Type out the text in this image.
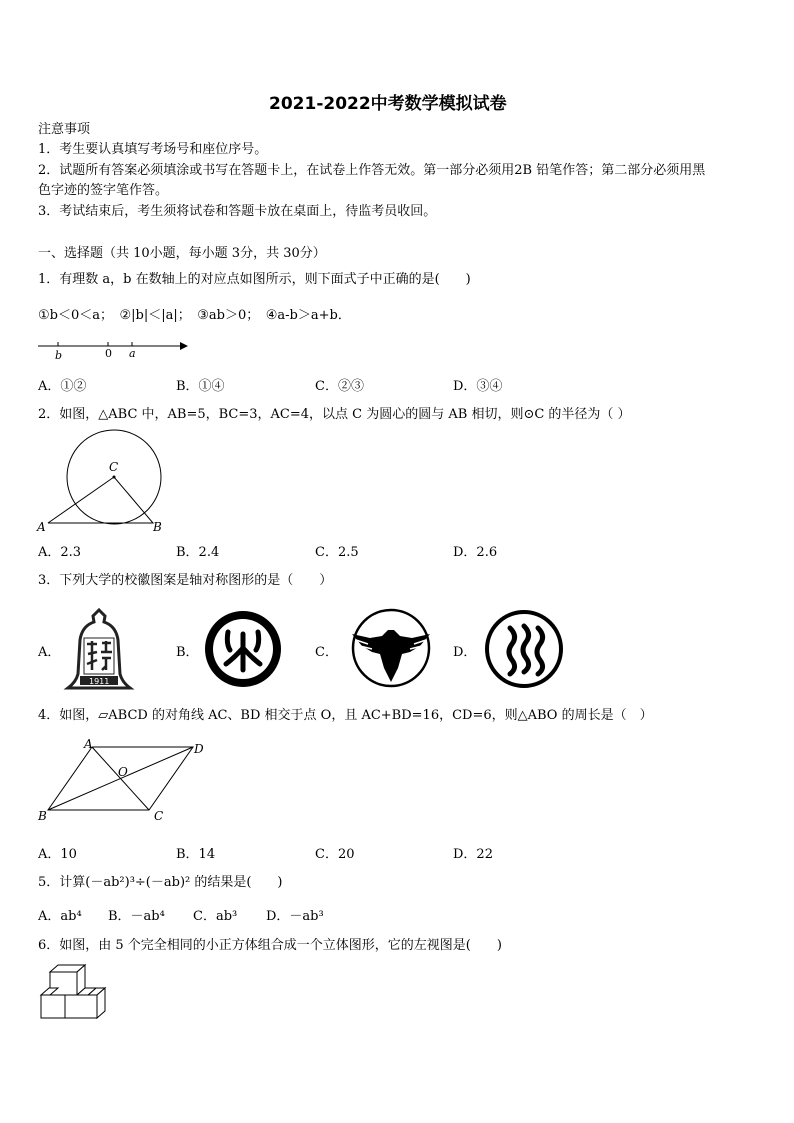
2021-2022中考数学模拟试卷
注意事项
1．考生要认真填写考场号和座位序号。
2．试题所有答案必须填涂或书写在答题卡上，在试卷上作答无效。第一部分必须用2B 铅笔作答；第二部分必须用黑
色字迹的签字笔作答。
3．考试结束后，考生须将试卷和答题卡放在桌面上，待监考员收回。
一、选择题（共 10小题，每小题 3分，共 30分）
1．有理数 a，b 在数轴上的对应点如图所示，则下面式子中正确的是(　　)
①b＜0＜a；　②|b|＜|a|；　③ab＞0；　④a-b＞a+b．
b	0 a
A．①②	B．①④	C．②③	D．③④
2．如图，△ABC 中，AB=5，BC=3，AC=4，以点 C 为圆心的圆与 AB 相切，则⊙C 的半径为（ ）
C
A	B
A．2.3	B．2.4	C．2.5	D．2.6
3．下列大学的校徽图案是轴对称图形的是（　　）
A．
1911
B．	C．	D．
4．如图，▱ABCD 的对角线 AC、BD 相交于点 O，且 AC+BD=16，CD=6，则△ABO 的周长是（　）
A	D
O
B	C
A．10	B．14	C．20	D．22
5．计算(－ab²)³÷(－ab)² 的结果是(　　)
A．ab⁴ B．－ab⁴ C．ab³ D．－ab³
6．如图，由 5 个完全相同的小正方体组合成一个立体图形，它的左视图是(　　)
